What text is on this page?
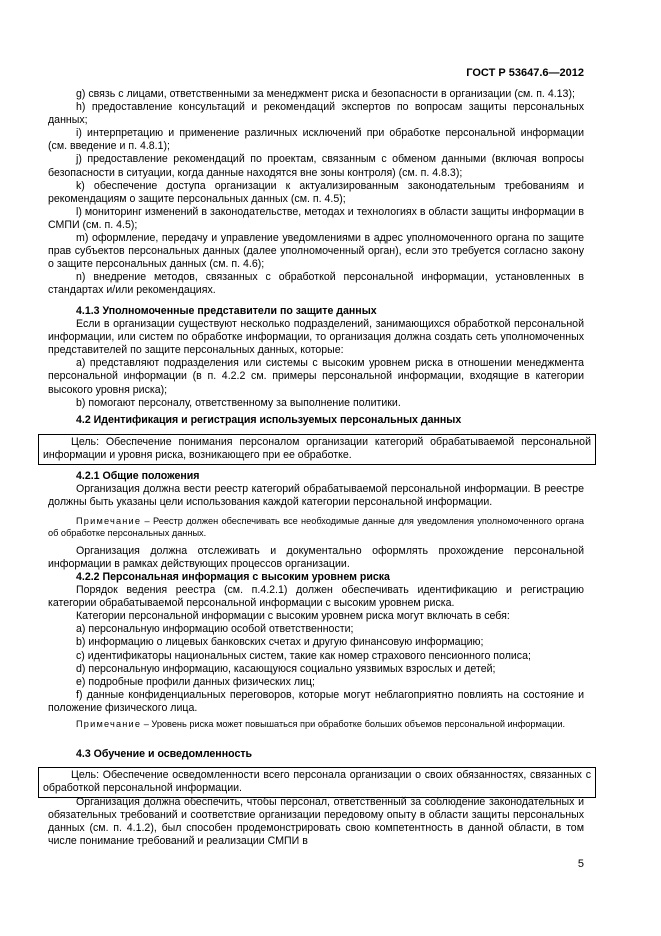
ГОСТ Р 53647.6—2012

g) связь с лицами, ответственными за менеджмент риска и безопасности в организации (см. п. 4.13);

h) предоставление консультаций и рекомендаций экспертов по вопросам защиты персональных данных;

i) интерпретацию и применение различных исключений при обработке персональной информации (см. введение и п. 4.8.1);

j) предоставление рекомендаций по проектам, связанным с обменом данными (включая вопросы безопасности в ситуации, когда данные находятся вне зоны контроля) (см. п. 4.8.3);

k) обеспечение доступа организации к актуализированным законодательным требованиям и рекомендациям о защите персональных данных (см. п. 4.5);

l) мониторинг изменений в законодательстве, методах и технологиях в области защиты информации в СМПИ (см. п. 4.5);

m) оформление, передачу и управление уведомлениями в адрес уполномоченного органа по защите прав субъектов персональных данных (далее уполномоченный орган), если это требуется согласно закону о защите персональных данных (см. п. 4.6);

n) внедрение методов, связанных с обработкой персональной информации, установленных в стандартах и/или рекомендациях.

4.1.3 Уполномоченные представители по защите данных

Если в организации существуют несколько подразделений, занимающихся обработкой персональной информации, или систем по обработке информации, то организация должна создать сеть уполномоченных представителей по защите персональных данных, которые:

a) представляют подразделения или системы с высоким уровнем риска в отношении менеджмента персональной информации (в п. 4.2.2 см. примеры персональной информации, входящие в категории высокого уровня риска);

b) помогают персоналу, ответственному за выполнение политики.

4.2 Идентификация и регистрация используемых персональных данных

Цель: Обеспечение понимания персоналом организации категорий обрабатываемой персональной информации и уровня риска, возникающего при ее обработке.

4.2.1 Общие положения

Организация должна вести реестр категорий обрабатываемой персональной информации. В реестре должны быть указаны цели использования каждой категории персональной информации.

Примечание – Реестр должен обеспечивать все необходимые данные для уведомления уполномоченного органа об обработке персональных данных.

Организация должна отслеживать и документально оформлять прохождение персональной информации в рамках действующих процессов организации.

4.2.2 Персональная информация с высоким уровнем риска

Порядок ведения реестра (см. п.4.2.1) должен обеспечивать идентификацию и регистрацию категории обрабатываемой персональной информации с высоким уровнем риска.

Категории персональной информации с высоким уровнем риска могут включать в себя:

a) персональную информацию особой ответственности;

b) информацию о лицевых банковских счетах и другую финансовую информацию;

c) идентификаторы национальных систем, такие как номер страхового пенсионного полиса;

d) персональную информацию, касающуюся социально уязвимых взрослых и детей;

e) подробные профили данных физических лиц;

f) данные конфиденциальных переговоров, которые могут неблагоприятно повлиять на состояние и положение физического лица.

Примечание – Уровень риска может повышаться при обработке больших объемов персональной информации.

4.3 Обучение и осведомленность

Цель: Обеспечение осведомленности всего персонала организации о своих обязанностях, связанных с обработкой персональной информации.

Организация должна обеспечить, чтобы персонал, ответственный за соблюдение законодательных и обязательных требований и соответствие организации передовому опыту в области защиты персональных данных (см. п. 4.1.2), был способен продемонстрировать свою компетентность в данной области, в том числе понимание требований и реализации СМПИ в

5
